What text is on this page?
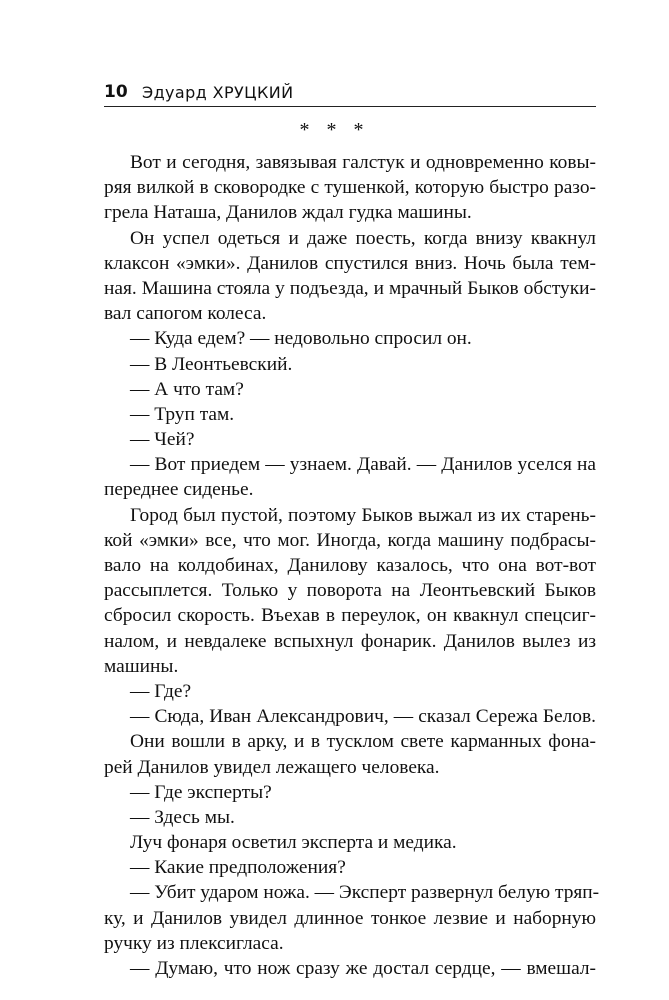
10 Эдуард ХРУЦКИЙ
* * *
Вот и сегодня, завязывая галстук и одновременно ковы-
ряя вилкой в сковородке с тушенкой, которую быстро разо-
грела Наташа, Данилов ждал гудка машины.
Он успел одеться и даже поесть, когда внизу квакнул
клаксон «эмки». Данилов спустился вниз. Ночь была тем-
ная. Машина стояла у подъезда, и мрачный Быков обстуки-
вал сапогом колеса.
— Куда едем? — недовольно спросил он.
— В Леонтьевский.
— А что там?
— Труп там.
— Чей?
— Вот приедем — узнаем. Давай. — Данилов уселся на
переднее сиденье.
Город был пустой, поэтому Быков выжал из их старень-
кой «эмки» все, что мог. Иногда, когда машину подбрасы-
вало на колдобинах, Данилову казалось, что она вот-вот
рассыплется. Только у поворота на Леонтьевский Быков
сбросил скорость. Въехав в переулок, он квакнул спецсиг-
налом, и невдалеке вспыхнул фонарик. Данилов вылез из
машины.
— Где?
— Сюда, Иван Александрович, — сказал Сережа Белов.
Они вошли в арку, и в тусклом свете карманных фона-
рей Данилов увидел лежащего человека.
— Где эксперты?
— Здесь мы.
Луч фонаря осветил эксперта и медика.
— Какие предположения?
— Убит ударом ножа. — Эксперт развернул белую тряп-
ку, и Данилов увидел длинное тонкое лезвие и наборную
ручку из плексигласа.
— Думаю, что нож сразу же достал сердце, — вмешал-
